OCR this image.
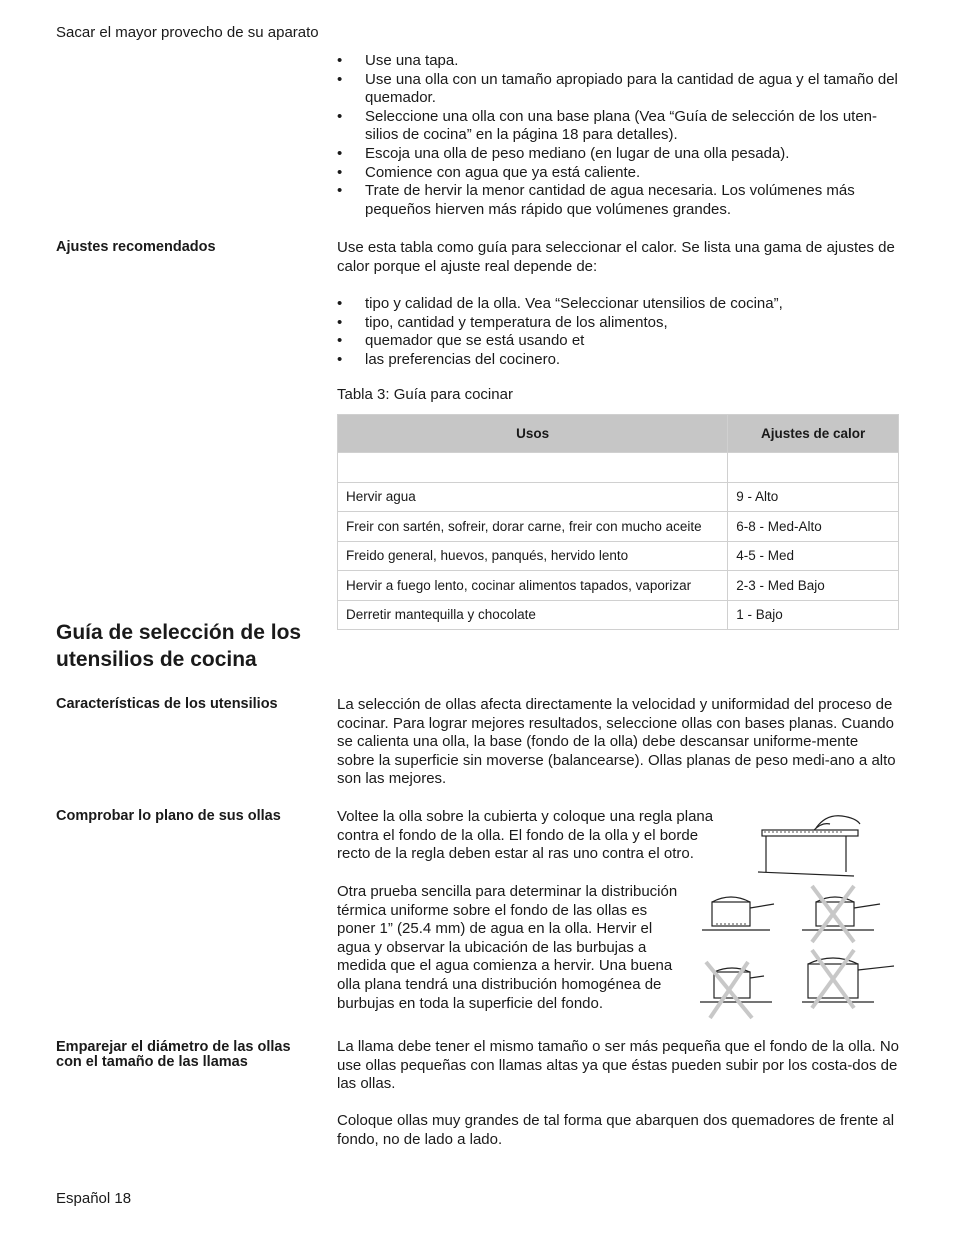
Sacar el mayor provecho de su aparato
• Use una tapa.
• Use una olla con un tamaño apropiado para la cantidad de agua y el tamaño del quemador.
• Seleccione una olla con una base plana (Vea “Guía de selección de los uten-silios de cocina” en la página 18 para detalles).
• Escoja una olla de peso mediano (en lugar de una olla pesada).
• Comience con agua que ya está caliente.
• Trate de hervir la menor cantidad de agua necesaria. Los volúmenes más pequeños hierven más rápido que volúmenes grandes.
Ajustes recomendados	Use esta tabla como guía para seleccionar el calor. Se lista una gama de ajustes de calor porque el ajuste real depende de:
• tipo y calidad de la olla. Vea “Seleccionar utensilios de cocina”,
• tipo, cantidad y temperatura de los alimentos,
• quemador que se está usando et
• las preferencias del cocinero.
Tabla 3: Guía para cocinar
Usos	Ajustes de calor

Hervir agua	9 - Alto
Freir con sartén, sofreir, dorar carne, freir con mucho aceite	6-8 - Med-Alto
Freido general, huevos, panqués, hervido lento	4-5 - Med
Hervir a fuego lento, cocinar alimentos tapados, vaporizar	2-3 - Med Bajo
Derretir mantequilla y chocolate	1 - Bajo
Guía de selección de los
utensilios de cocina
Características de los utensilios	La selección de ollas afecta directamente la velocidad y uniformidad del proceso de cocinar. Para lograr mejores resultados, seleccione ollas con bases planas. Cuando se calienta una olla, la base (fondo de la olla) debe descansar uniforme-mente sobre la superficie sin moverse (balancearse). Ollas planas de peso medi-ano a alto son las mejores.
Comprobar lo plano de sus ollas	Voltee la olla sobre la cubierta y coloque una regla plana contra el fondo de la olla. El fondo de la olla y el borde recto de la regla deben estar al ras uno contra el otro.
Otra prueba sencilla para determinar la distribución térmica uniforme sobre el fondo de las ollas es poner 1” (25.4 mm) de agua en la olla. Hervir el agua y observar la ubicación de las burbujas a medida que el agua comienza a hervir. Una buena olla plana tendrá una distribución homogénea de burbujas en toda la superficie del fondo.
Emparejar el diámetro de las ollas
con el tamaño de las llamas
La llama debe tener el mismo tamaño o ser más pequeña que el fondo de la olla. No use ollas pequeñas con llamas altas ya que éstas pueden subir por los costa-dos de las ollas.
Coloque ollas muy grandes de tal forma que abarquen dos quemadores de frente al fondo, no de lado a lado.
Español 18
